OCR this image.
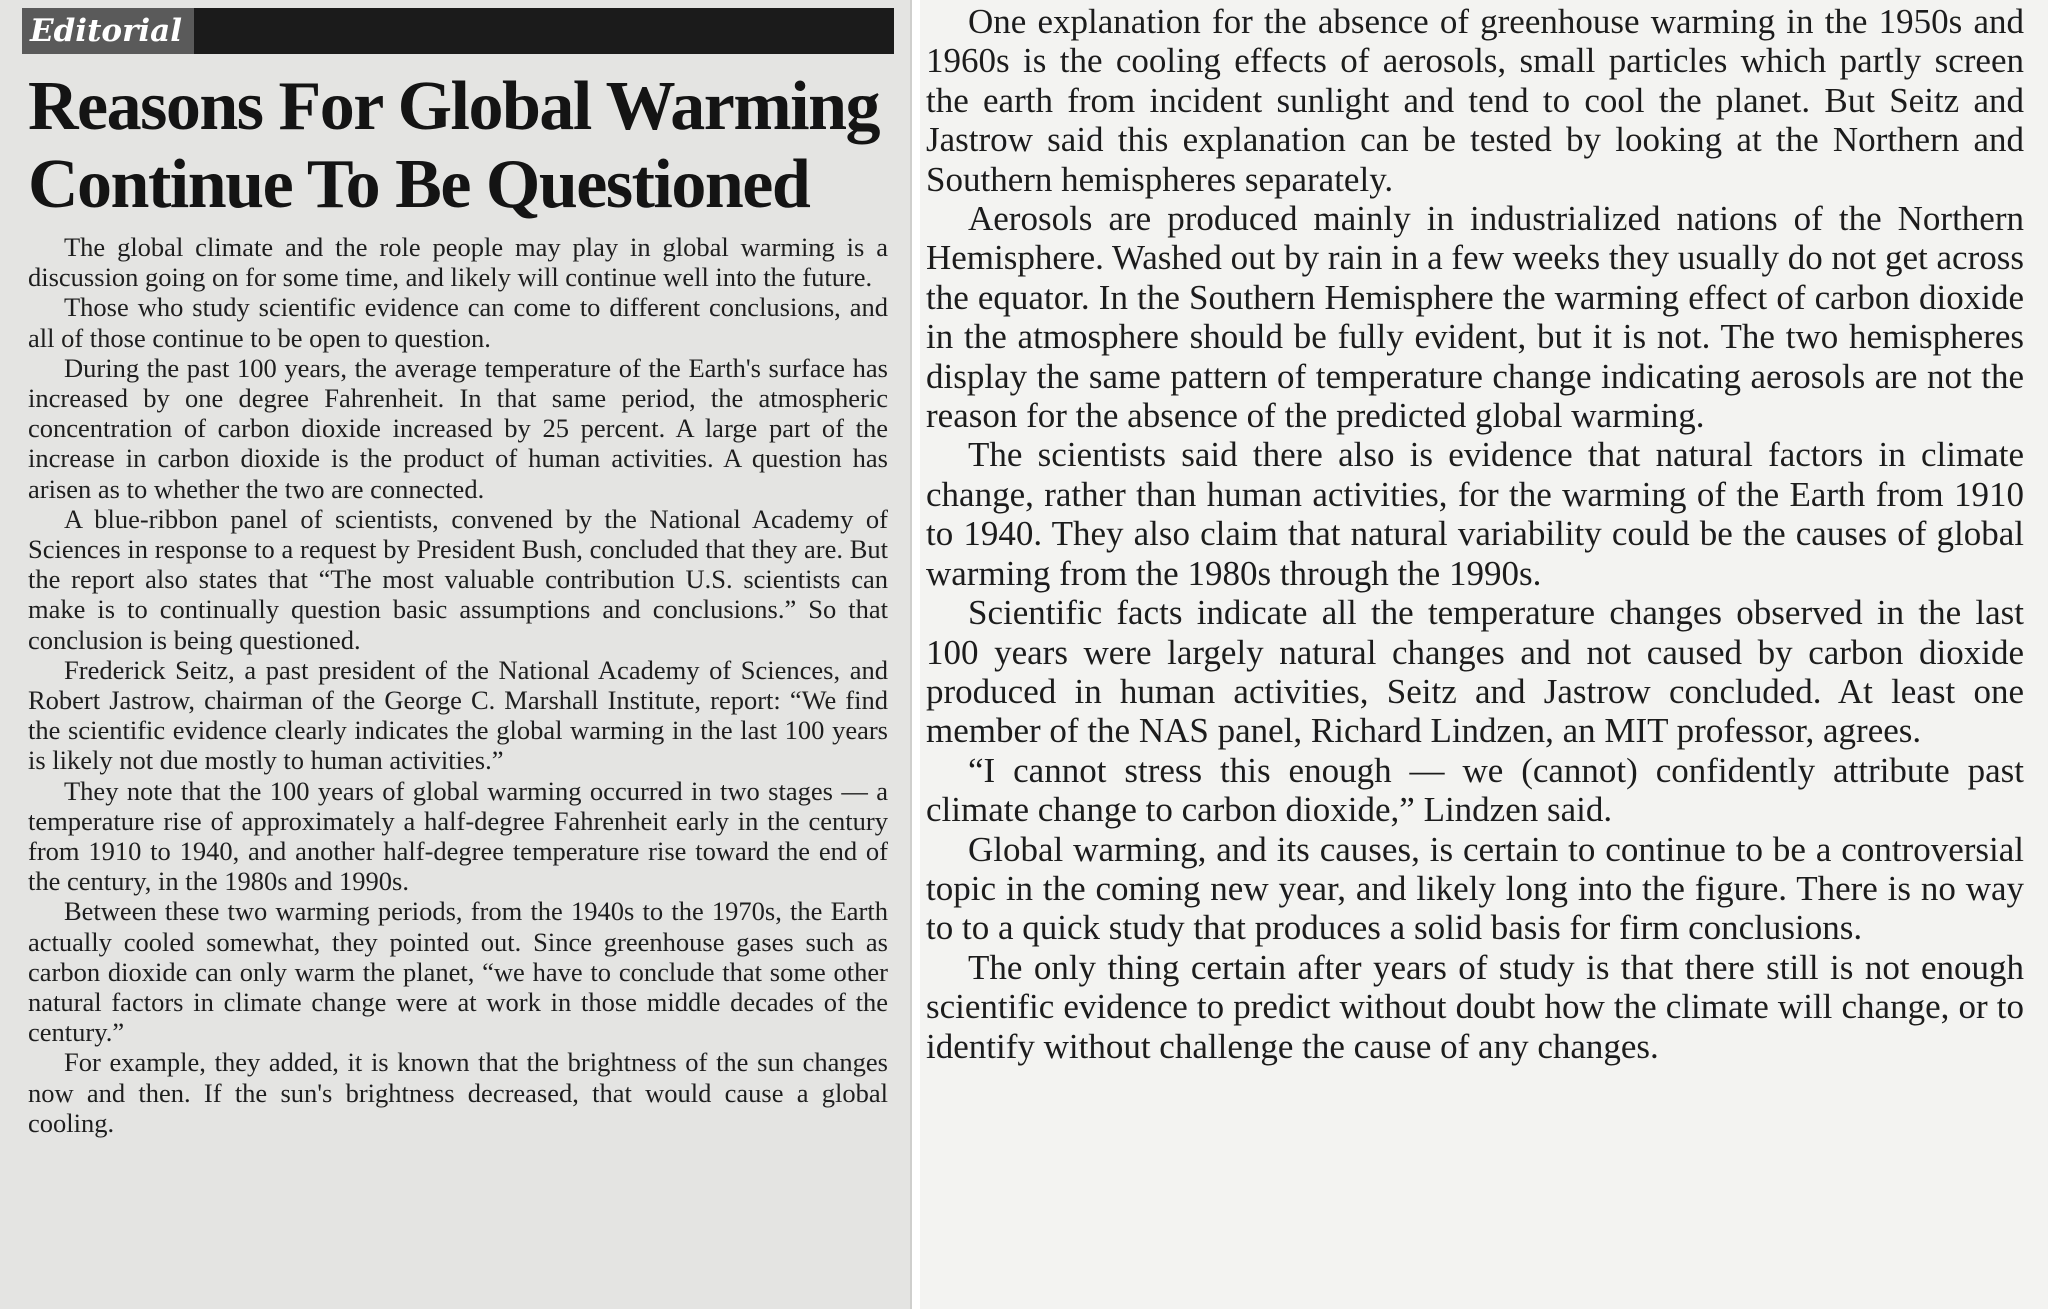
Editorial
Reasons For Global Warming
Continue To Be Questioned

The global climate and the role people may play in global warming is a discussion going on for some time, and likely will continue well into the future.

Those who study scientific evidence can come to different conclusions, and all of those continue to be open to question.

During the past 100 years, the average temperature of the Earth's surface has increased by one degree Fahrenheit. In that same period, the atmospheric concentration of carbon dioxide increased by 25 percent. A large part of the increase in carbon dioxide is the product of human activities. A question has arisen as to whether the two are connected.

A blue-ribbon panel of scientists, convened by the National Academy of Sciences in response to a request by President Bush, concluded that they are. But the report also states that “The most valuable contribution U.S. scientists can make is to continually question basic assumptions and conclusions.” So that conclusion is being questioned.

Frederick Seitz, a past president of the National Academy of Sciences, and Robert Jastrow, chairman of the George C. Marshall Institute, report: “We find the scientific evidence clearly indicates the global warming in the last 100 years is likely not due mostly to human activities.”

They note that the 100 years of global warming occurred in two stages — a temperature rise of approximately a half-degree Fahrenheit early in the century from 1910 to 1940, and another half-degree temperature rise toward the end of the century, in the 1980s and 1990s.

Between these two warming periods, from the 1940s to the 1970s, the Earth actually cooled somewhat, they pointed out. Since greenhouse gases such as carbon dioxide can only warm the planet, “we have to conclude that some other natural factors in climate change were at work in those middle decades of the century.”

For example, they added, it is known that the brightness of the sun changes now and then. If the sun's brightness decreased, that would cause a global cooling.

One explanation for the absence of greenhouse warming in the 1950s and 1960s is the cooling effects of aerosols, small particles which partly screen the earth from incident sunlight and tend to cool the planet. But Seitz and Jastrow said this explanation can be tested by looking at the Northern and Southern hemispheres separately.

Aerosols are produced mainly in industrialized nations of the Northern Hemisphere. Washed out by rain in a few weeks they usually do not get across the equator. In the Southern Hemisphere the warming effect of carbon dioxide in the atmosphere should be fully evident, but it is not. The two hemispheres display the same pattern of temperature change indicating aerosols are not the reason for the absence of the predicted global warming.

The scientists said there also is evidence that natural factors in climate change, rather than human activities, for the warming of the Earth from 1910 to 1940. They also claim that natural variability could be the causes of global warming from the 1980s through the 1990s.

Scientific facts indicate all the temperature changes observed in the last 100 years were largely natural changes and not caused by carbon dioxide produced in human activities, Seitz and Jastrow concluded. At least one member of the NAS panel, Richard Lindzen, an MIT professor, agrees.

“I cannot stress this enough — we (cannot) confidently attribute past climate change to carbon dioxide,” Lindzen said.

Global warming, and its causes, is certain to continue to be a controversial topic in the coming new year, and likely long into the figure. There is no way to to a quick study that produces a solid basis for firm conclusions.

The only thing certain after years of study is that there still is not enough scientific evidence to predict without doubt how the climate will change, or to identify without challenge the cause of any changes.
